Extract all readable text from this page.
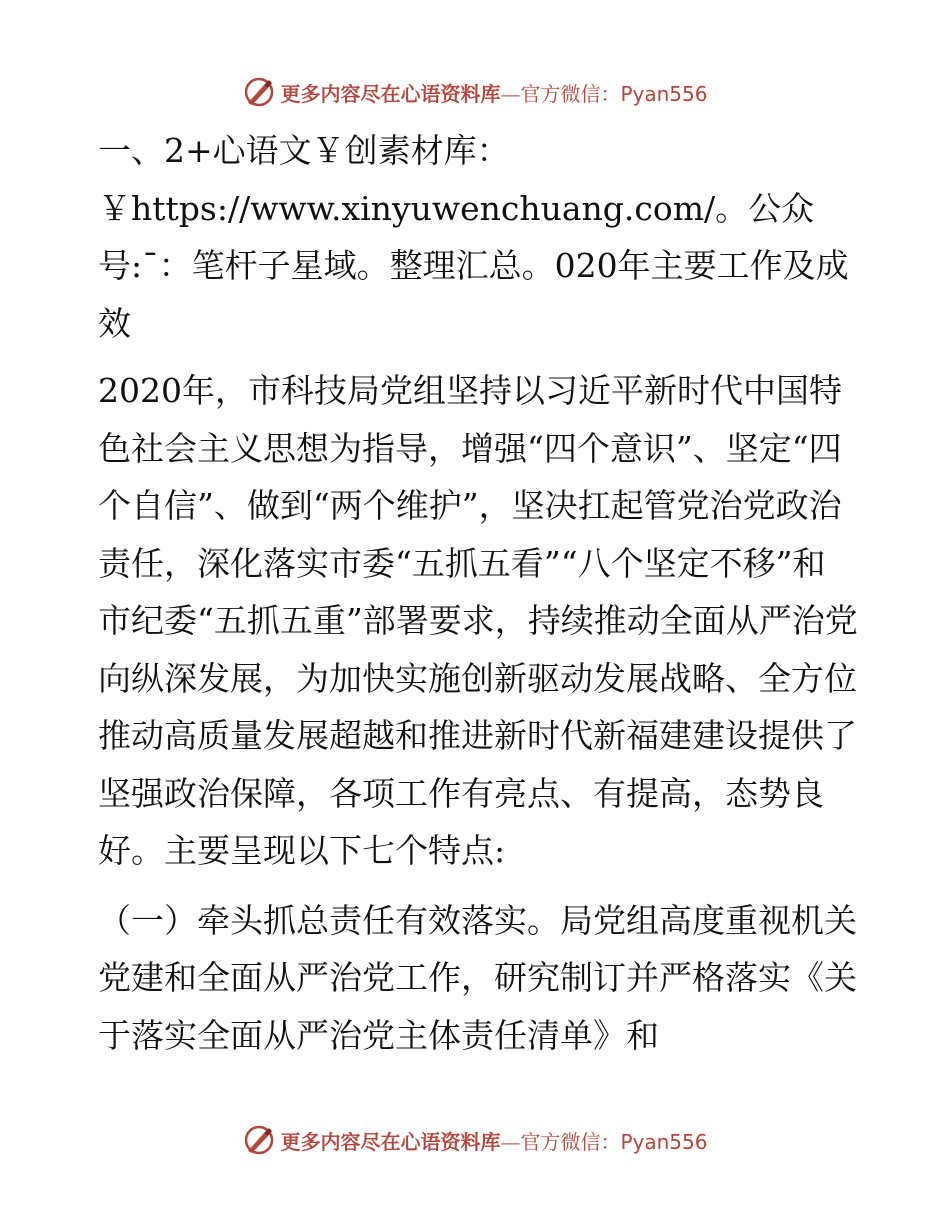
更多内容尽在心语资料库—官方微信：Pyan556

一、2+心语文￥创素材库：￥https://www.xinyuwenchuang.com/。公众号:¯：笔杆子星域。整理汇总。020年主要工作及成效

2020年，市科技局党组坚持以习近平新时代中国特色社会主义思想为指导，增强“四个意识”、坚定“四个自信”、做到“两个维护”，坚决扛起管党治党政治责任，深化落实市委“五抓五看”“八个坚定不移”和市纪委“五抓五重”部署要求，持续推动全面从严治党向纵深发展，为加快实施创新驱动发展战略、全方位推动高质量发展超越和推进新时代新福建建设提供了坚强政治保障，各项工作有亮点、有提高，态势良好。主要呈现以下七个特点:

（一）牵头抓总责任有效落实。局党组高度重视机关党建和全面从严治党工作，研究制订并严格落实《关于落实全面从严治党主体责任清单》和

更多内容尽在心语资料库—官方微信：Pyan556
